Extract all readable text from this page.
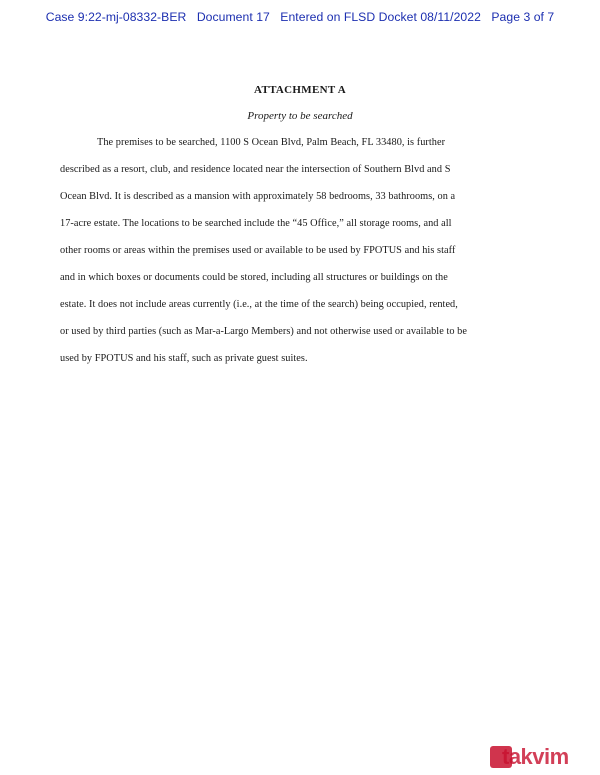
Case 9:22-mj-08332-BER Document 17 Entered on FLSD Docket 08/11/2022 Page 3 of 7
ATTACHMENT A
Property to be searched
The premises to be searched, 1100 S Ocean Blvd, Palm Beach, FL 33480, is further
described as a resort, club, and residence located near the intersection of Southern Blvd and S
Ocean Blvd. It is described as a mansion with approximately 58 bedrooms, 33 bathrooms, on a
17-acre estate. The locations to be searched include the “45 Office,” all storage rooms, and all
other rooms or areas within the premises used or available to be used by FPOTUS and his staff
and in which boxes or documents could be stored, including all structures or buildings on the
estate. It does not include areas currently (i.e., at the time of the search) being occupied, rented,
or used by third parties (such as Mar-a-Largo Members) and not otherwise used or available to be
used by FPOTUS and his staff, such as private guest suites.
takvim
